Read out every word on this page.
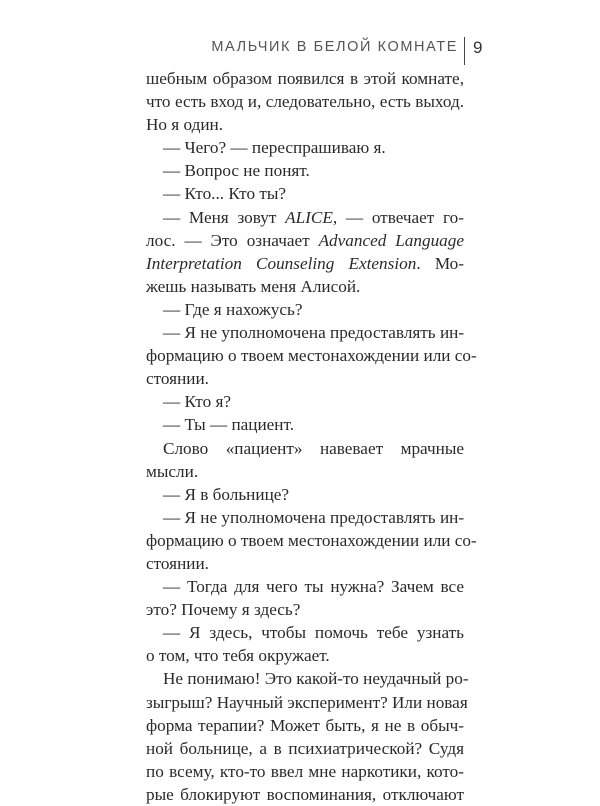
МАЛЬЧИК В БЕЛОЙ КОМНАТЕ 9
шебным образом появился в этой комнате,
что есть вход и, следовательно, есть выход.
Но я один.
— Чего? — переспрашиваю я.
— Вопрос не понят.
— Кто... Кто ты?
— Меня зовут ALICE, — отвечает го-
лос. — Это означает Advanced Language
Interpretation Counseling Extension. Мо-
жешь называть меня Алисой.
— Где я нахожусь?
— Я не уполномочена предоставлять ин-
формацию о твоем местонахождении или со-
стоянии.
— Кто я?
— Ты — пациент.
Слово «пациент» навевает мрачные
мысли.
— Я в больнице?
— Я не уполномочена предоставлять ин-
формацию о твоем местонахождении или со-
стоянии.
— Тогда для чего ты нужна? Зачем все
это? Почему я здесь?
— Я здесь, чтобы помочь тебе узнать
о том, что тебя окружает.
Не понимаю! Это какой-то неудачный ро-
зыгрыш? Научный эксперимент? Или новая
форма терапии? Может быть, я не в обыч-
ной больнице, а в психиатрической? Судя
по всему, кто-то ввел мне наркотики, кото-
рые блокируют воспоминания, отключают
